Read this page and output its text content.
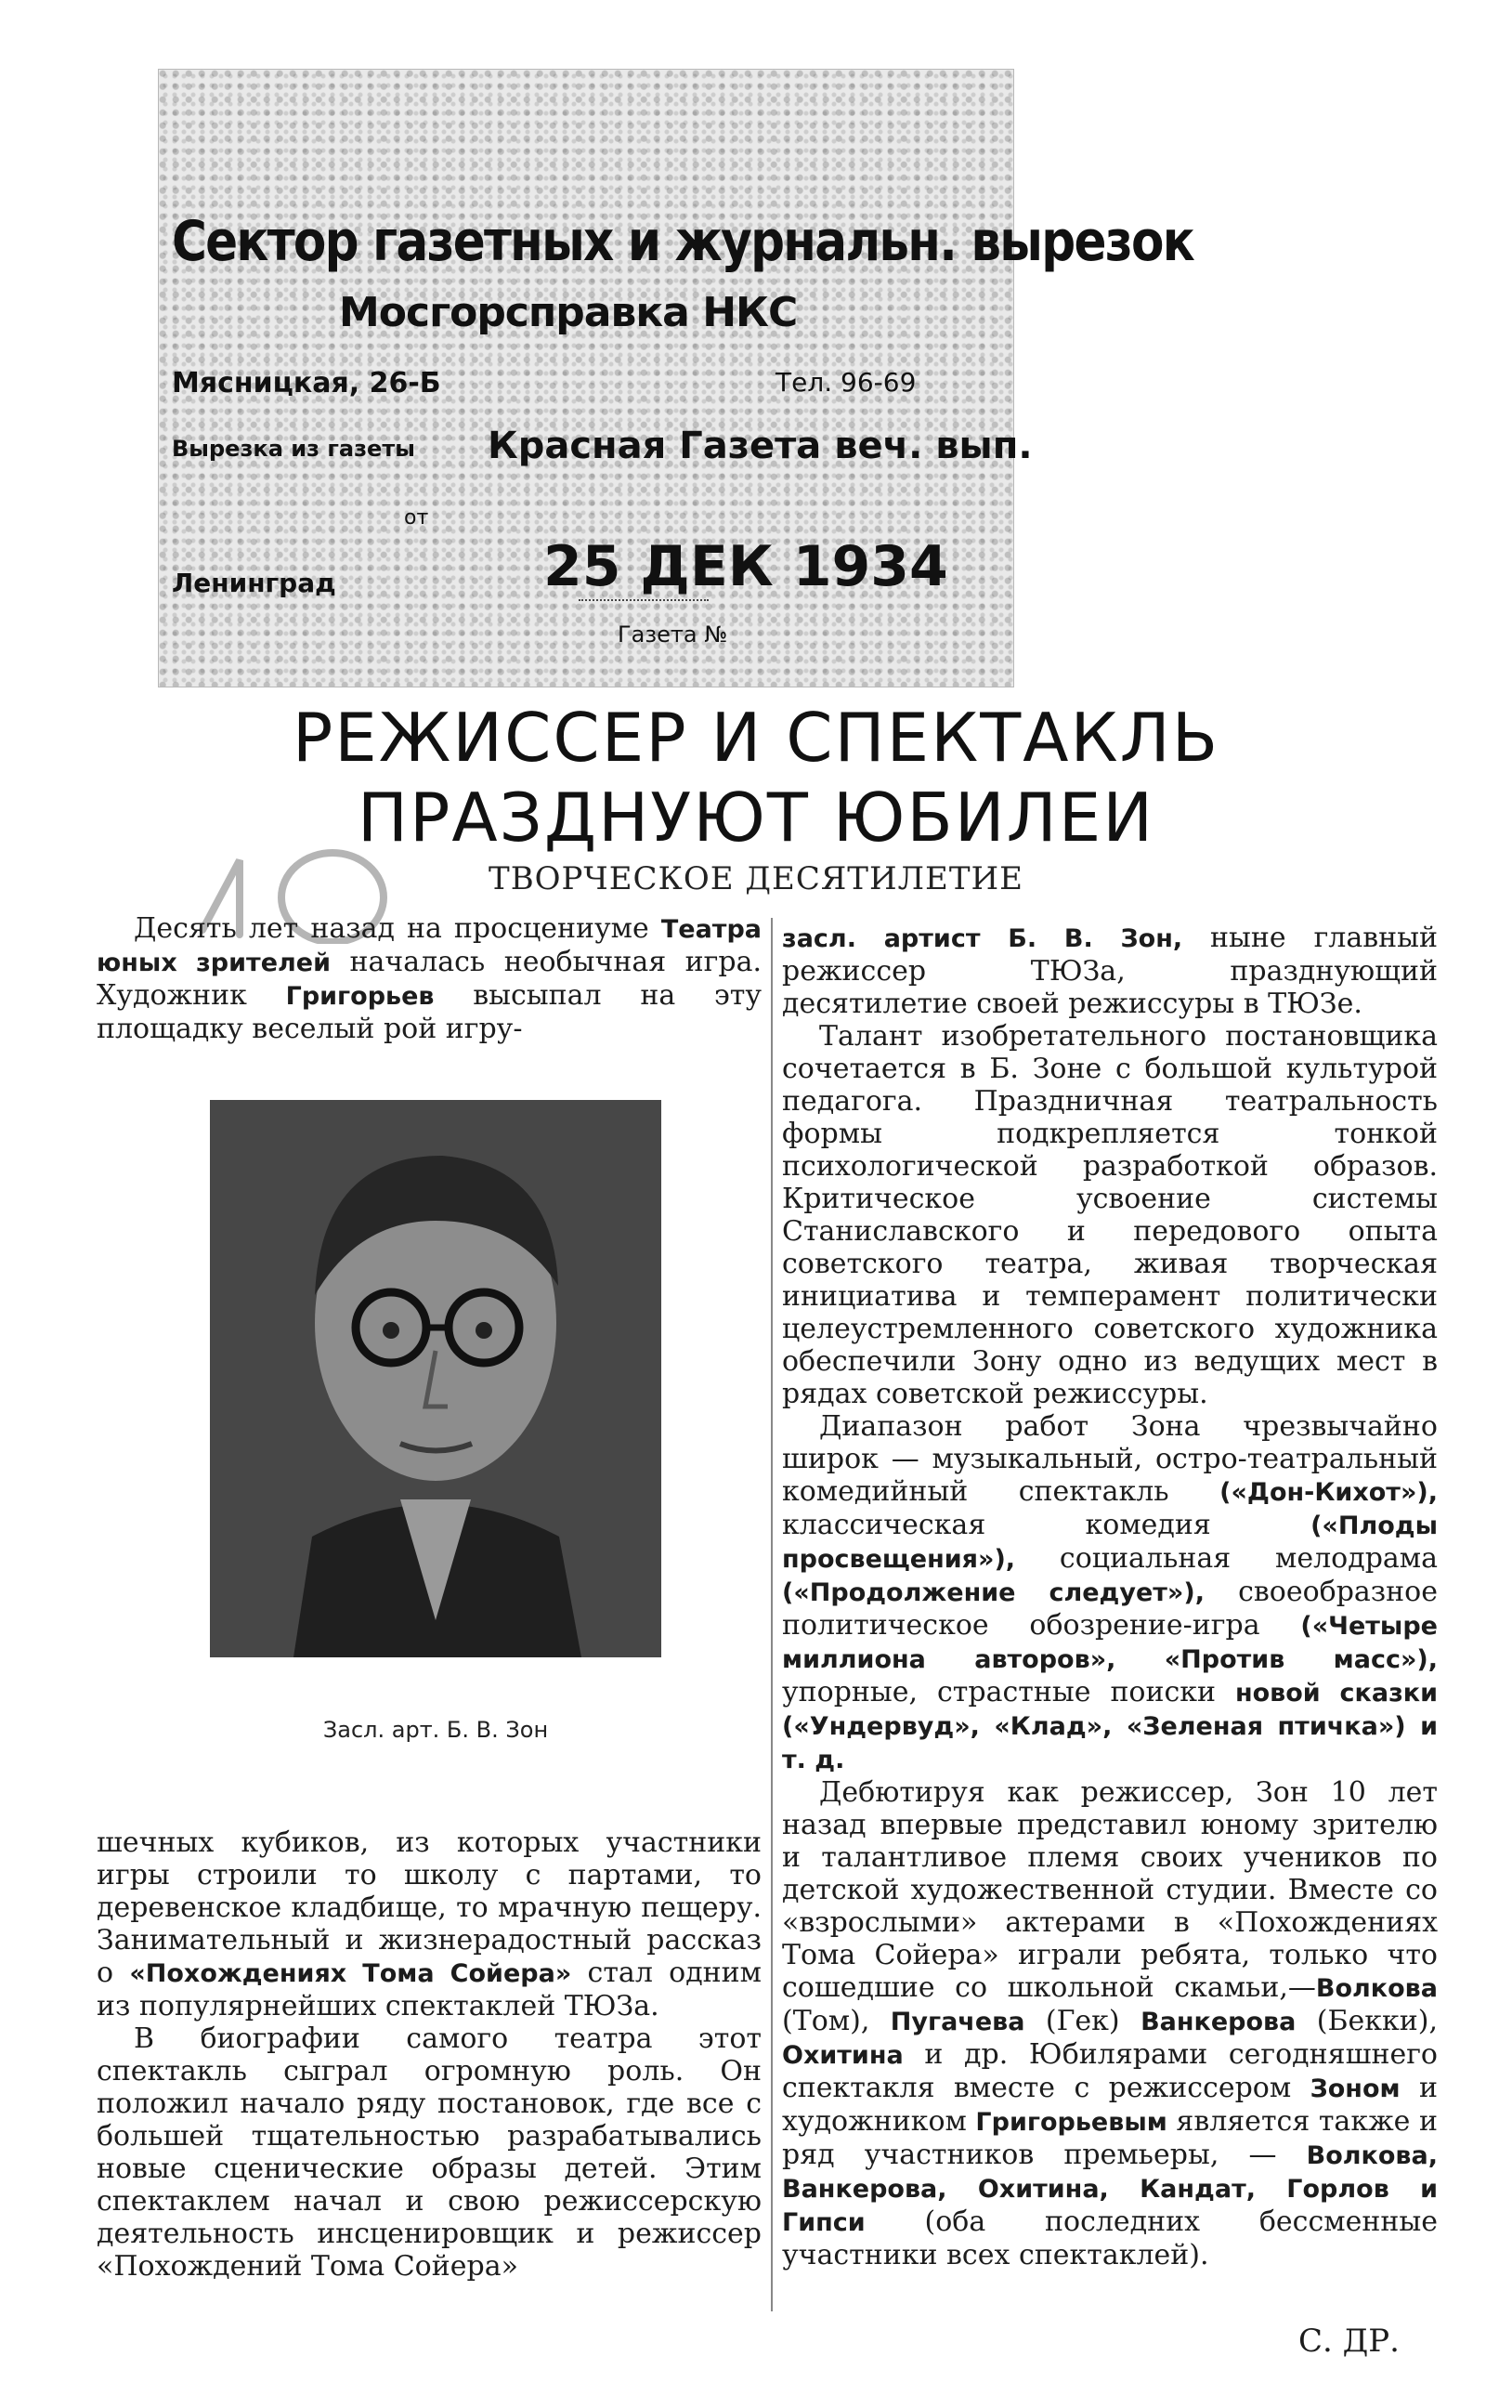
Сектор газетных и журнальн. вырезок
Мосгорсправка НКС
Мясницкая, 26-Б	Тел. 96-69
Вырезка из газеты	Красная Газета веч. вып.
от
25 ДЕК 1934
Ленинград
Газета №
РЕЖИССЕР И СПЕКТАКЛЬ
ПРАЗДНУЮТ ЮБИЛЕИ
ТВОРЧЕСКОЕ ДЕСЯТИЛЕТИЕ

Десять лет назад на просцениуме Театра юных зрителей началась необычная игра. Художник Григорьев высыпал на эту площадку веселый рой игру-

Засл. арт. Б. В. Зон

шечных кубиков, из которых участники игры строили то школу с партами, то деревенское кладбище, то мрачную пещеру. Занимательный и жизнерадостный рассказ о «Похождениях Тома Сойера» стал одним из популярнейших спектаклей ТЮЗа.

В биографии самого театра этот спектакль сыграл огромную роль. Он положил начало ряду постановок, где все с большей тщательностью разрабатывались новые сценические образы детей. Этим спектаклем начал и свою режиссерскую деятельность инсценировщик и режиссер «Похождений Тома Сойера»

засл. артист Б. В. Зон, ныне главный режиссер ТЮЗа, празднующий десятилетие своей режиссуры в ТЮЗе.

Талант изобретательного постановщика сочетается в Б. Зоне с большой культурой педагога. Праздничная театральность формы подкрепляется тонкой психологической разработкой образов. Критическое усвоение системы Станиславского и передового опыта советского театра, живая творческая инициатива и темперамент политически целеустремленного советского художника обеспечили Зону одно из ведущих мест в рядах советской режиссуры.

Диапазон работ Зона чрезвычайно широк — музыкальный, остро-театральный комедийный спектакль («Дон-Кихот»), классическая комедия («Плоды просвещения»), социальная мелодрама («Продолжение следует»), своеобразное политическое обозрение-игра («Четыре миллиона авторов», «Против масс»), упорные, страстные поиски новой сказки («Ундервуд», «Клад», «Зеленая птичка») и т. д.

Дебютируя как режиссер, Зон 10 лет назад впервые представил юному зрителю и талантливое племя своих учеников по детской художественной студии. Вместе со «взрослыми» актерами в «Похождениях Тома Сойера» играли ребята, только что сошедшие со школьной скамьи,—Волкова (Том), Пугачева (Гек) Ванкерова (Бекки), Охитина и др. Юбилярами сегодняшнего спектакля вместе с режиссером Зоном и художником Григорьевым является также и ряд участников премьеры, — Волкова, Ванкерова, Охитина, Кандат, Горлов и Гипси (оба последних бессменные участники всех спектаклей).

С. ДР.
